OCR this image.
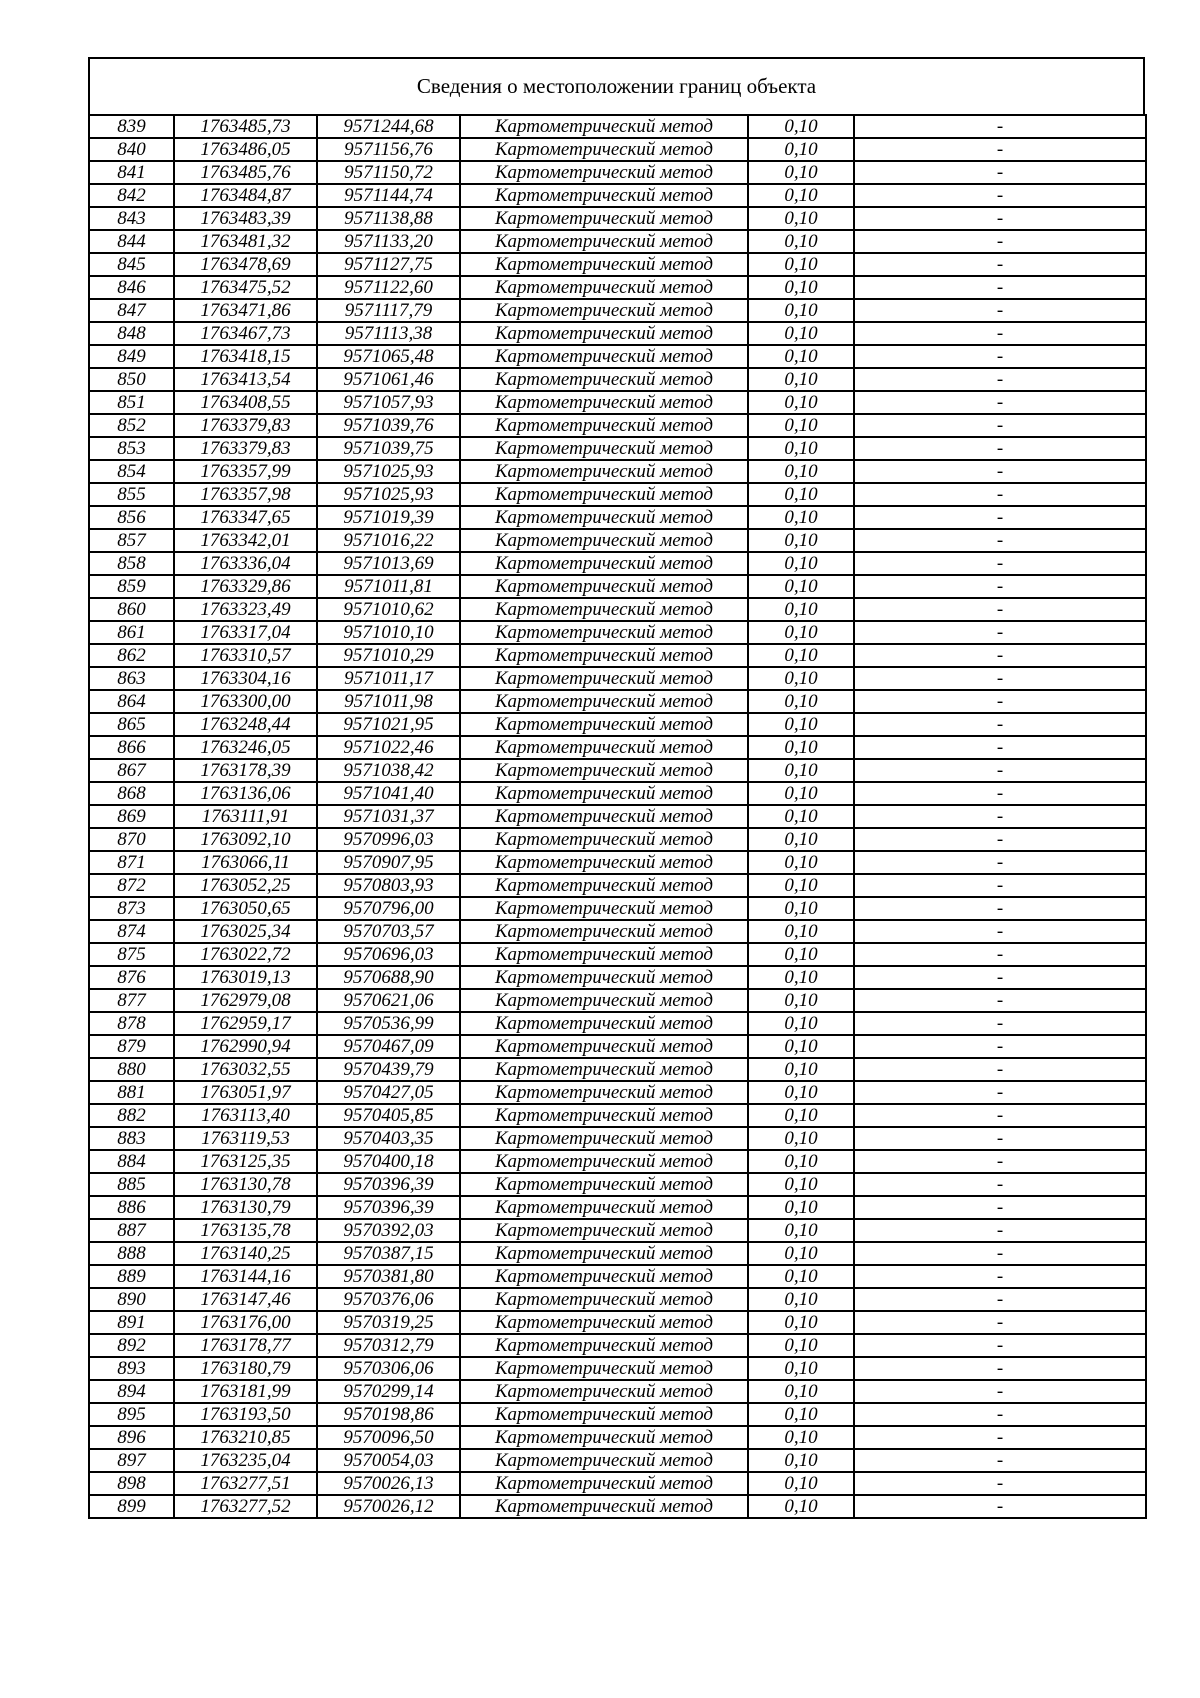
Сведения о местоположении границ объекта
839	1763485,73	9571244,68	Картометрический метод	0,10	-
840	1763486,05	9571156,76	Картометрический метод	0,10	-
841	1763485,76	9571150,72	Картометрический метод	0,10	-
842	1763484,87	9571144,74	Картометрический метод	0,10	-
843	1763483,39	9571138,88	Картометрический метод	0,10	-
844	1763481,32	9571133,20	Картометрический метод	0,10	-
845	1763478,69	9571127,75	Картометрический метод	0,10	-
846	1763475,52	9571122,60	Картометрический метод	0,10	-
847	1763471,86	9571117,79	Картометрический метод	0,10	-
848	1763467,73	9571113,38	Картометрический метод	0,10	-
849	1763418,15	9571065,48	Картометрический метод	0,10	-
850	1763413,54	9571061,46	Картометрический метод	0,10	-
851	1763408,55	9571057,93	Картометрический метод	0,10	-
852	1763379,83	9571039,76	Картометрический метод	0,10	-
853	1763379,83	9571039,75	Картометрический метод	0,10	-
854	1763357,99	9571025,93	Картометрический метод	0,10	-
855	1763357,98	9571025,93	Картометрический метод	0,10	-
856	1763347,65	9571019,39	Картометрический метод	0,10	-
857	1763342,01	9571016,22	Картометрический метод	0,10	-
858	1763336,04	9571013,69	Картометрический метод	0,10	-
859	1763329,86	9571011,81	Картометрический метод	0,10	-
860	1763323,49	9571010,62	Картометрический метод	0,10	-
861	1763317,04	9571010,10	Картометрический метод	0,10	-
862	1763310,57	9571010,29	Картометрический метод	0,10	-
863	1763304,16	9571011,17	Картометрический метод	0,10	-
864	1763300,00	9571011,98	Картометрический метод	0,10	-
865	1763248,44	9571021,95	Картометрический метод	0,10	-
866	1763246,05	9571022,46	Картометрический метод	0,10	-
867	1763178,39	9571038,42	Картометрический метод	0,10	-
868	1763136,06	9571041,40	Картометрический метод	0,10	-
869	1763111,91	9571031,37	Картометрический метод	0,10	-
870	1763092,10	9570996,03	Картометрический метод	0,10	-
871	1763066,11	9570907,95	Картометрический метод	0,10	-
872	1763052,25	9570803,93	Картометрический метод	0,10	-
873	1763050,65	9570796,00	Картометрический метод	0,10	-
874	1763025,34	9570703,57	Картометрический метод	0,10	-
875	1763022,72	9570696,03	Картометрический метод	0,10	-
876	1763019,13	9570688,90	Картометрический метод	0,10	-
877	1762979,08	9570621,06	Картометрический метод	0,10	-
878	1762959,17	9570536,99	Картометрический метод	0,10	-
879	1762990,94	9570467,09	Картометрический метод	0,10	-
880	1763032,55	9570439,79	Картометрический метод	0,10	-
881	1763051,97	9570427,05	Картометрический метод	0,10	-
882	1763113,40	9570405,85	Картометрический метод	0,10	-
883	1763119,53	9570403,35	Картометрический метод	0,10	-
884	1763125,35	9570400,18	Картометрический метод	0,10	-
885	1763130,78	9570396,39	Картометрический метод	0,10	-
886	1763130,79	9570396,39	Картометрический метод	0,10	-
887	1763135,78	9570392,03	Картометрический метод	0,10	-
888	1763140,25	9570387,15	Картометрический метод	0,10	-
889	1763144,16	9570381,80	Картометрический метод	0,10	-
890	1763147,46	9570376,06	Картометрический метод	0,10	-
891	1763176,00	9570319,25	Картометрический метод	0,10	-
892	1763178,77	9570312,79	Картометрический метод	0,10	-
893	1763180,79	9570306,06	Картометрический метод	0,10	-
894	1763181,99	9570299,14	Картометрический метод	0,10	-
895	1763193,50	9570198,86	Картометрический метод	0,10	-
896	1763210,85	9570096,50	Картометрический метод	0,10	-
897	1763235,04	9570054,03	Картометрический метод	0,10	-
898	1763277,51	9570026,13	Картометрический метод	0,10	-
899	1763277,52	9570026,12	Картометрический метод	0,10	-
